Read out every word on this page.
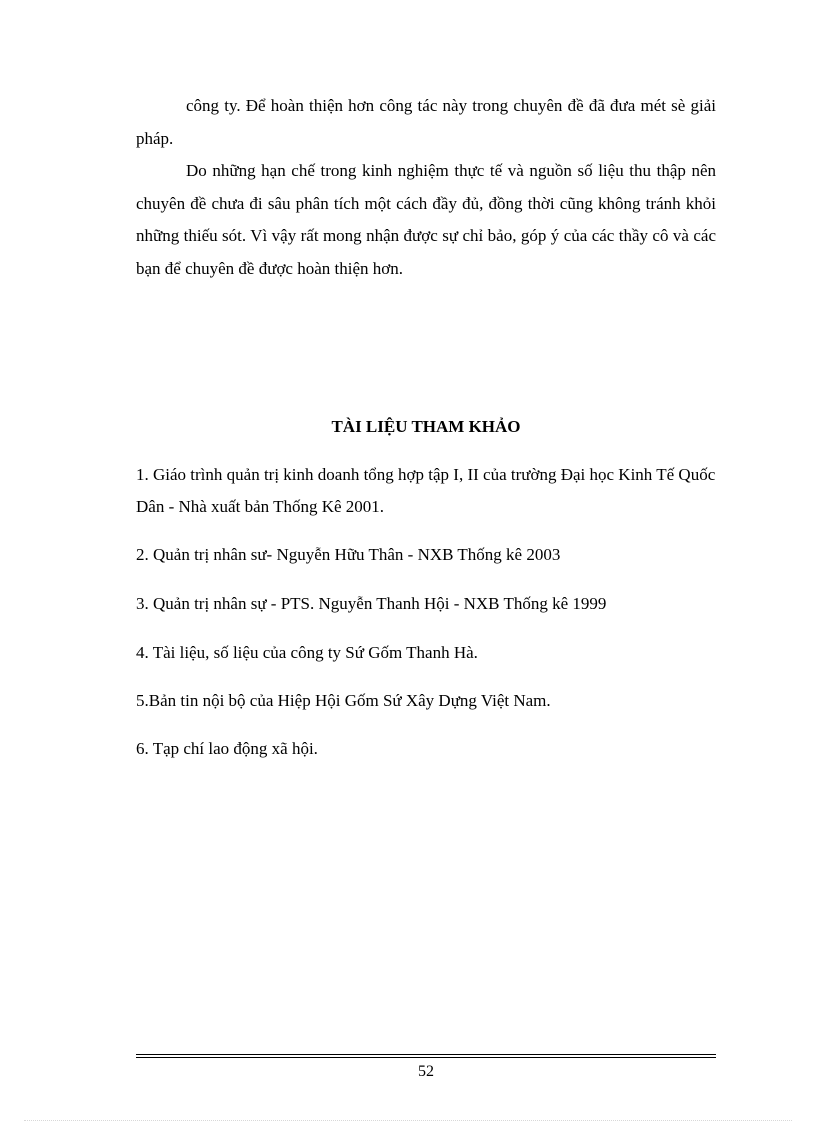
công ty. Để hoàn thiện hơn công tác này trong chuyên đề đã đưa mét sè giải pháp.

Do những hạn chế trong kinh nghiệm thực tế và nguồn số liệu thu thập nên chuyên đề chưa đi sâu phân tích một cách đầy đủ, đồng thời cũng không tránh khỏi những thiếu sót. Vì vậy rất mong nhận được sự chỉ bảo, góp ý của các thầy cô và các bạn để chuyên đề được hoàn thiện hơn.

TÀI LIỆU THAM KHẢO

1. Giáo trình quản trị kinh doanh tổng hợp tập I, II của trường Đại học Kinh Tế Quốc Dân - Nhà xuất bản Thống Kê 2001.

2. Quản trị nhân sư- Nguyễn Hữu Thân - NXB Thống kê 2003

3. Quản trị nhân sự - PTS. Nguyễn Thanh Hội - NXB Thống kê 1999

4. Tài liệu, số liệu của công ty Sứ Gốm Thanh Hà.

5.Bản tin nội bộ của Hiệp Hội Gốm Sứ Xây Dựng Việt Nam.

6. Tạp chí lao động xã hội.

52
